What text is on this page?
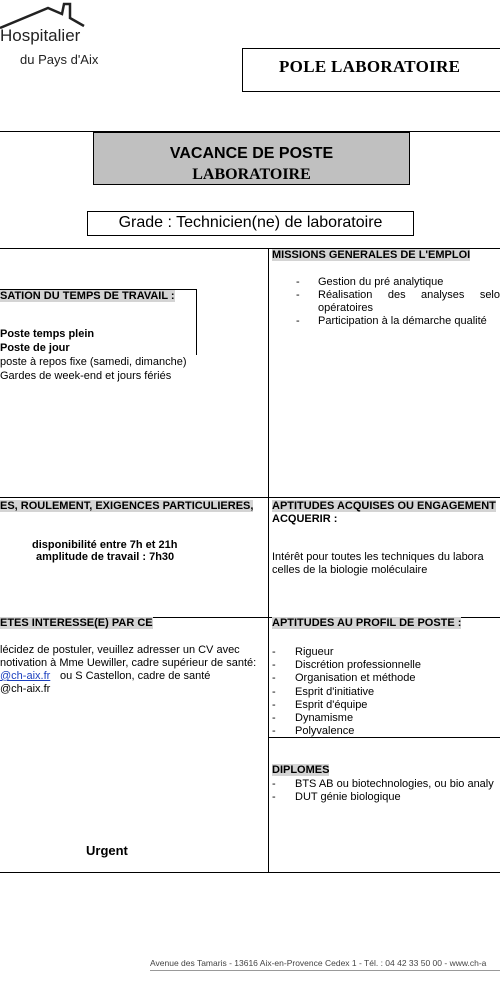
Hospitalier
du Pays d'Aix	POLE LABORATOIRE
VACANCE DE POSTE
LABORATOIRE
Grade : Technicien(ne) de laboratoire
SATION DU TEMPS DE TRAVAIL :
Poste temps plein
Poste de jour
poste à repos fixe (samedi, dimanche)
Gardes de week-end et jours fériés
ES, ROULEMENT, EXIGENCES PARTICULIERES,
disponibilité entre 7h et 21h
amplitude de travail : 7h30
ETES INTERESSE(E) PAR CE
lécidez de postuler, veuillez adresser un CV avec
notivation à Mme Uewiller, cadre supérieur de santé:
@ch-aix.fr ou S Castellon, cadre de santé
@ch-aix.fr
Urgent
MISSIONS GENERALES DE L'EMPLOI
- Gestion du pré analytique
- Réalisation des analyses selo
opératoires
- Participation à la démarche qualité
APTITUDES ACQUISES OU ENGAGEMENT
ACQUERIR :
Intérêt pour toutes les techniques du labora
celles de la biologie moléculaire
APTITUDES AU PROFIL DE POSTE :
- Rigueur
- Discrétion professionnelle
- Organisation et méthode
- Esprit d'initiative
- Esprit d'équipe
- Dynamisme
- Polyvalence
DIPLOMES
- BTS AB ou biotechnologies, ou bio analy
- DUT génie biologique
Avenue des Tamaris - 13616 Aix-en-Provence Cedex 1 - Tél. : 04 42 33 50 00 - www.ch-a
